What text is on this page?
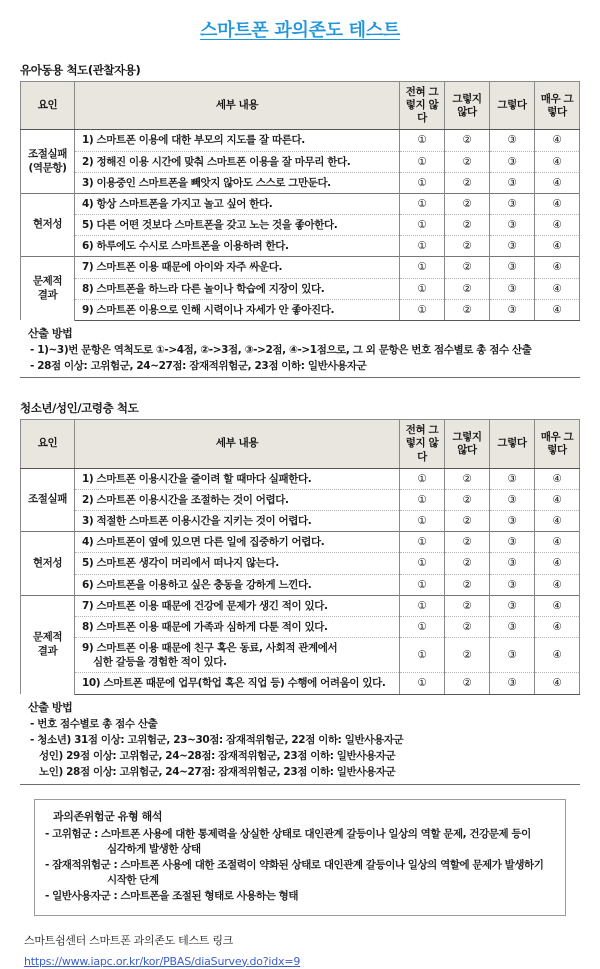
스마트폰 과의존도 테스트
유아동용 척도(관찰자용)
요인	세부 내용	전혀 그렇지 않다	그렇지 않다	그렇다	매우 그렇다
조절실패
(역문항)	1) 스마트폰 이용에 대한 부모의 지도를 잘 따른다.	①	②	③	④
	2) 정해진 이용 시간에 맞춰 스마트폰 이용을 잘 마무리 한다.	①	②	③	④
	3) 이용중인 스마트폰을 빼앗지 않아도 스스로 그만둔다.	①	②	③	④
현저성	4) 항상 스마트폰을 가지고 놀고 싶어 한다.	①	②	③	④
	5) 다른 어떤 것보다 스마트폰을 갖고 노는 것을 좋아한다.	①	②	③	④
	6) 하루에도 수시로 스마트폰을 이용하려 한다.	①	②	③	④
문제적
결과	7) 스마트폰 이용 때문에 아이와 자주 싸운다.	①	②	③	④
	8) 스마트폰을 하느라 다른 놀이나 학습에 지장이 있다.	①	②	③	④
	9) 스마트폰 이용으로 인해 시력이나 자세가 안 좋아진다.	①	②	③	④
산출 방법
- 1)~3)번 문항은 역척도로 ①->4점, ②->3점, ③->2점, ④->1점으로, 그 외 문항은 번호 점수별로 총 점수 산출
- 28점 이상: 고위험군, 24~27점: 잠재적위험군, 23점 이하: 일반사용자군
청소년/성인/고령층 척도
요인	세부 내용	전혀 그렇지 않다	그렇지 않다	그렇다	매우 그렇다
조절실패	1) 스마트폰 이용시간을 줄이려 할 때마다 실패한다.	①	②	③	④
	2) 스마트폰 이용시간을 조절하는 것이 어렵다.	①	②	③	④
	3) 적절한 스마트폰 이용시간을 지키는 것이 어렵다.	①	②	③	④
현저성	4) 스마트폰이 옆에 있으면 다른 일에 집중하기 어렵다.	①	②	③	④
	5) 스마트폰 생각이 머리에서 떠나지 않는다.	①	②	③	④
	6) 스마트폰을 이용하고 싶은 충동을 강하게 느낀다.	①	②	③	④
문제적
결과	7) 스마트폰 이용 때문에 건강에 문제가 생긴 적이 있다.	①	②	③	④
	8) 스마트폰 이용 때문에 가족과 심하게 다툰 적이 있다.	①	②	③	④
	9) 스마트폰 이용 때문에 친구 혹은 동료, 사회적 관계에서
심한 갈등을 경험한 적이 있다.	①	②	③	④
	10) 스마트폰 때문에 업무(학업 혹은 직업 등) 수행에 어려움이 있다.	①	②	③	④
산출 방법
- 번호 점수별로 총 점수 산출
- 청소년) 31점 이상: 고위험군, 23~30점: 잠재적위험군, 22점 이하: 일반사용자군
성인) 29점 이상: 고위험군, 24~28점: 잠재적위험군, 23점 이하: 일반사용자군
노인) 28점 이상: 고위험군, 24~27점: 잠재적위험군, 23점 이하: 일반사용자군
과의존위험군 유형 해석
- 고위험군 : 스마트폰 사용에 대한 통제력을 상실한 상태로 대인관계 갈등이나 일상의 역할 문제, 건강문제 등이
심각하게 발생한 상태
- 잠재적위험군 : 스마트폰 사용에 대한 조절력이 약화된 상태로 대인관계 갈등이나 일상의 역할에 문제가 발생하기
시작한 단계
- 일반사용자군 : 스마트폰을 조절된 형태로 사용하는 형태
스마트쉼센터 스마트폰 과의존도 테스트 링크
https://www.iapc.or.kr/kor/PBAS/diaSurvey.do?idx=9
